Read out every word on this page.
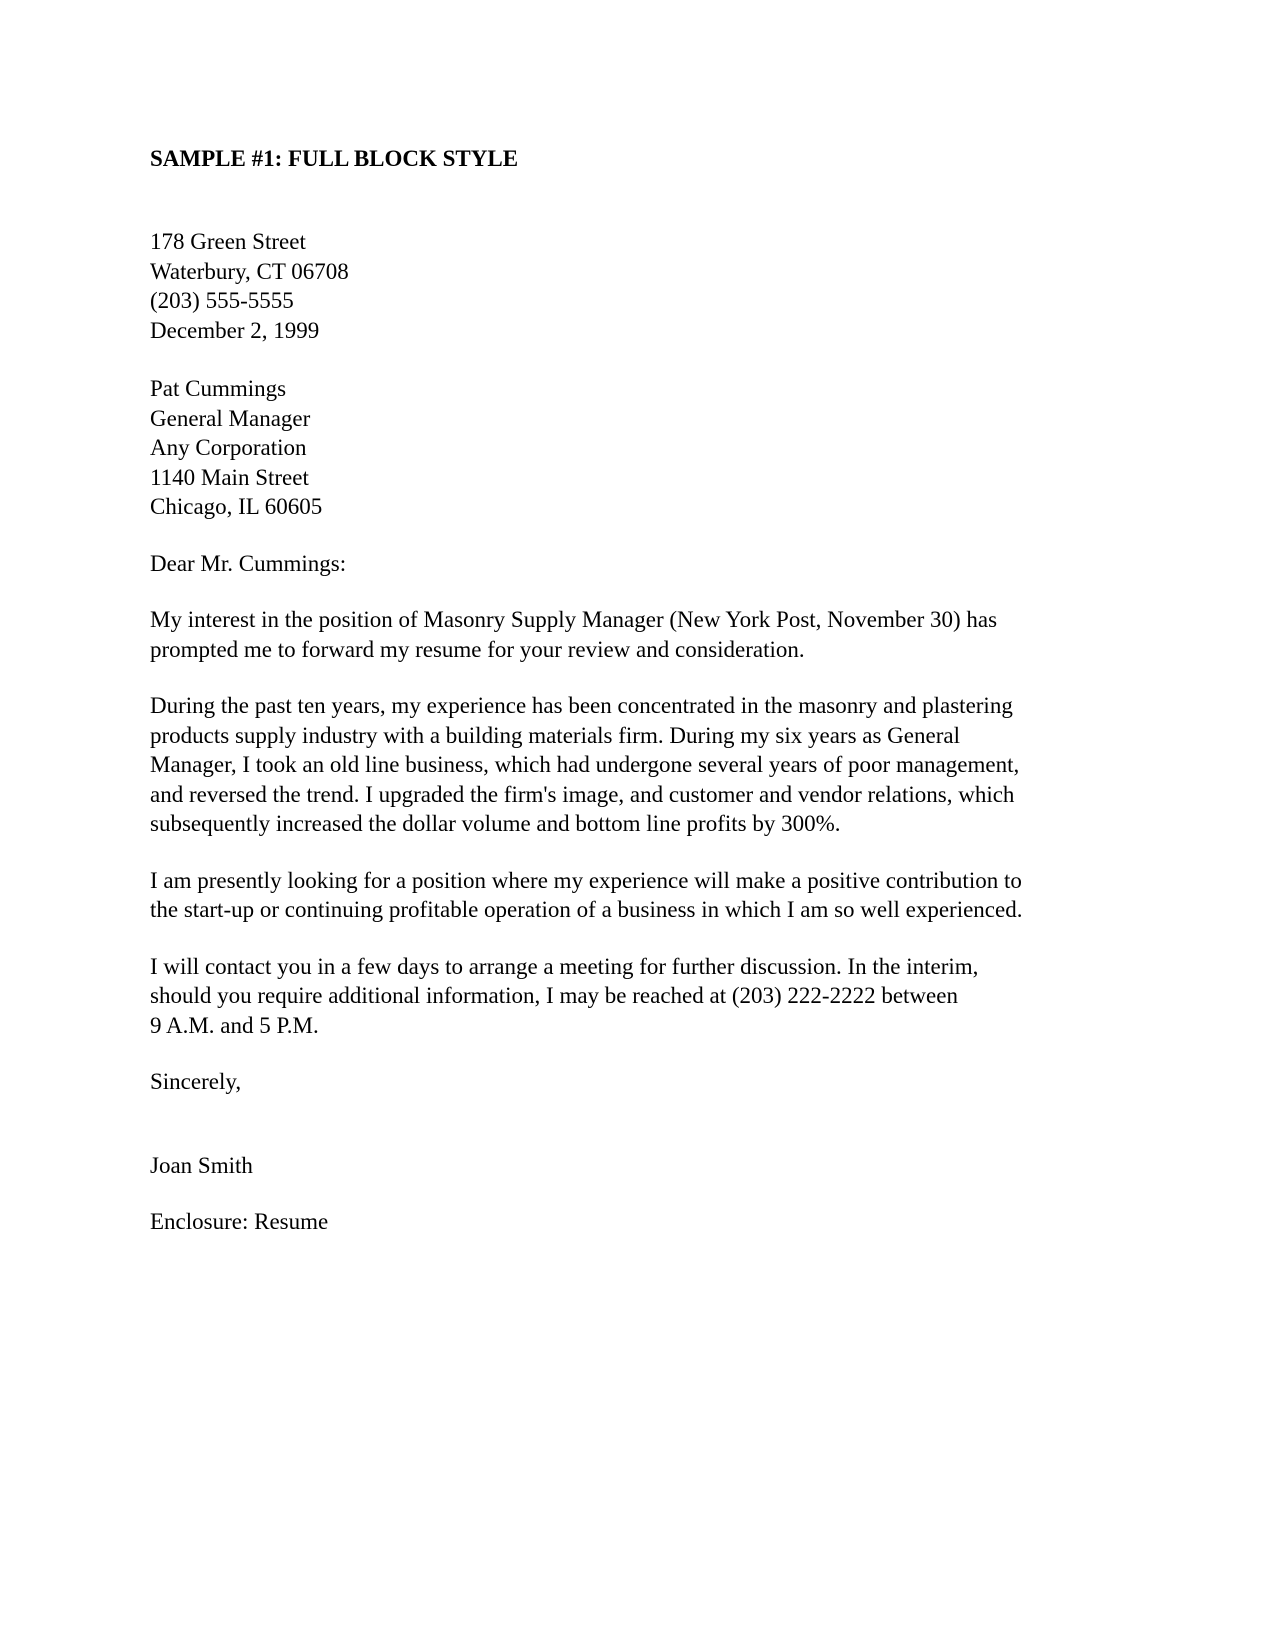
SAMPLE #1: FULL BLOCK STYLE
178 Green Street
Waterbury, CT 06708
(203) 555-5555
December 2, 1999
Pat Cummings
General Manager
Any Corporation
1140 Main Street
Chicago, IL 60605
Dear Mr. Cummings:
My interest in the position of Masonry Supply Manager (New York Post, November 30) has
prompted me to forward my resume for your review and consideration.
During the past ten years, my experience has been concentrated in the masonry and plastering
products supply industry with a building materials firm. During my six years as General
Manager, I took an old line business, which had undergone several years of poor management,
and reversed the trend. I upgraded the firm's image, and customer and vendor relations, which
subsequently increased the dollar volume and bottom line profits by 300%.
I am presently looking for a position where my experience will make a positive contribution to
the start-up or continuing profitable operation of a business in which I am so well experienced.
I will contact you in a few days to arrange a meeting for further discussion. In the interim,
should you require additional information, I may be reached at (203) 222-2222 between
9 A.M. and 5 P.M.
Sincerely,
Joan Smith
Enclosure: Resume
